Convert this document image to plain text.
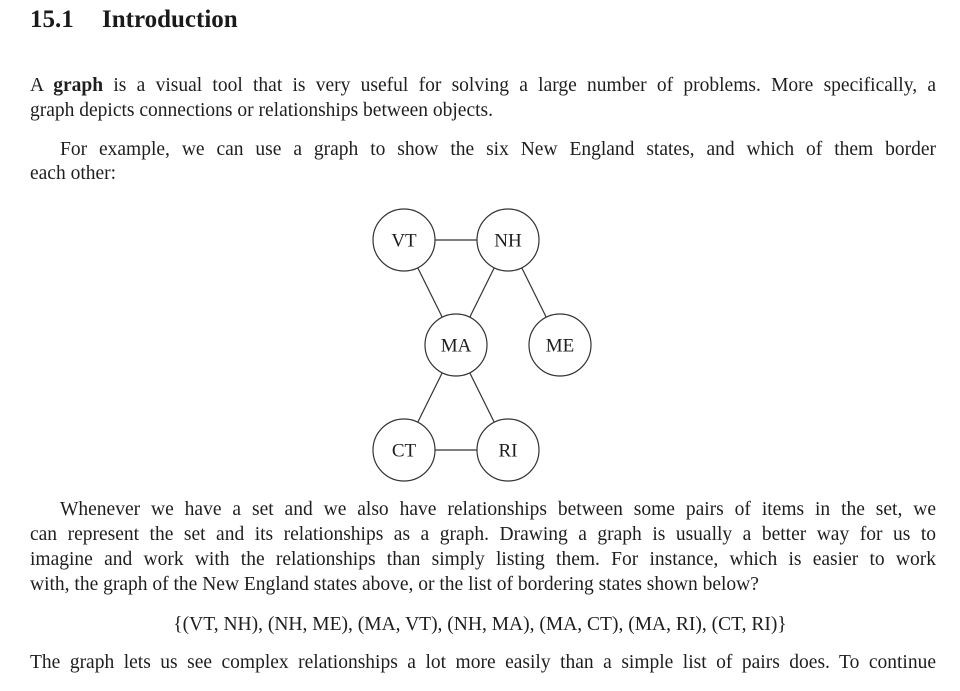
15.1 Introduction
A graph is a visual tool that is very useful for solving a large number of problems. More specifically, a
graph depicts connections or relationships between objects.
For example, we can use a graph to show the six New England states, and which of them border
each other:
VT	NH
MA	ME
CT	RI
Whenever we have a set and we also have relationships between some pairs of items in the set, we
can represent the set and its relationships as a graph. Drawing a graph is usually a better way for us to
imagine and work with the relationships than simply listing them. For instance, which is easier to work
with, the graph of the New England states above, or the list of bordering states shown below?
{(VT, NH), (NH, ME), (MA, VT), (NH, MA), (MA, CT), (MA, RI), (CT, RI)}
The graph lets us see complex relationships a lot more easily than a simple list of pairs does. To continue
